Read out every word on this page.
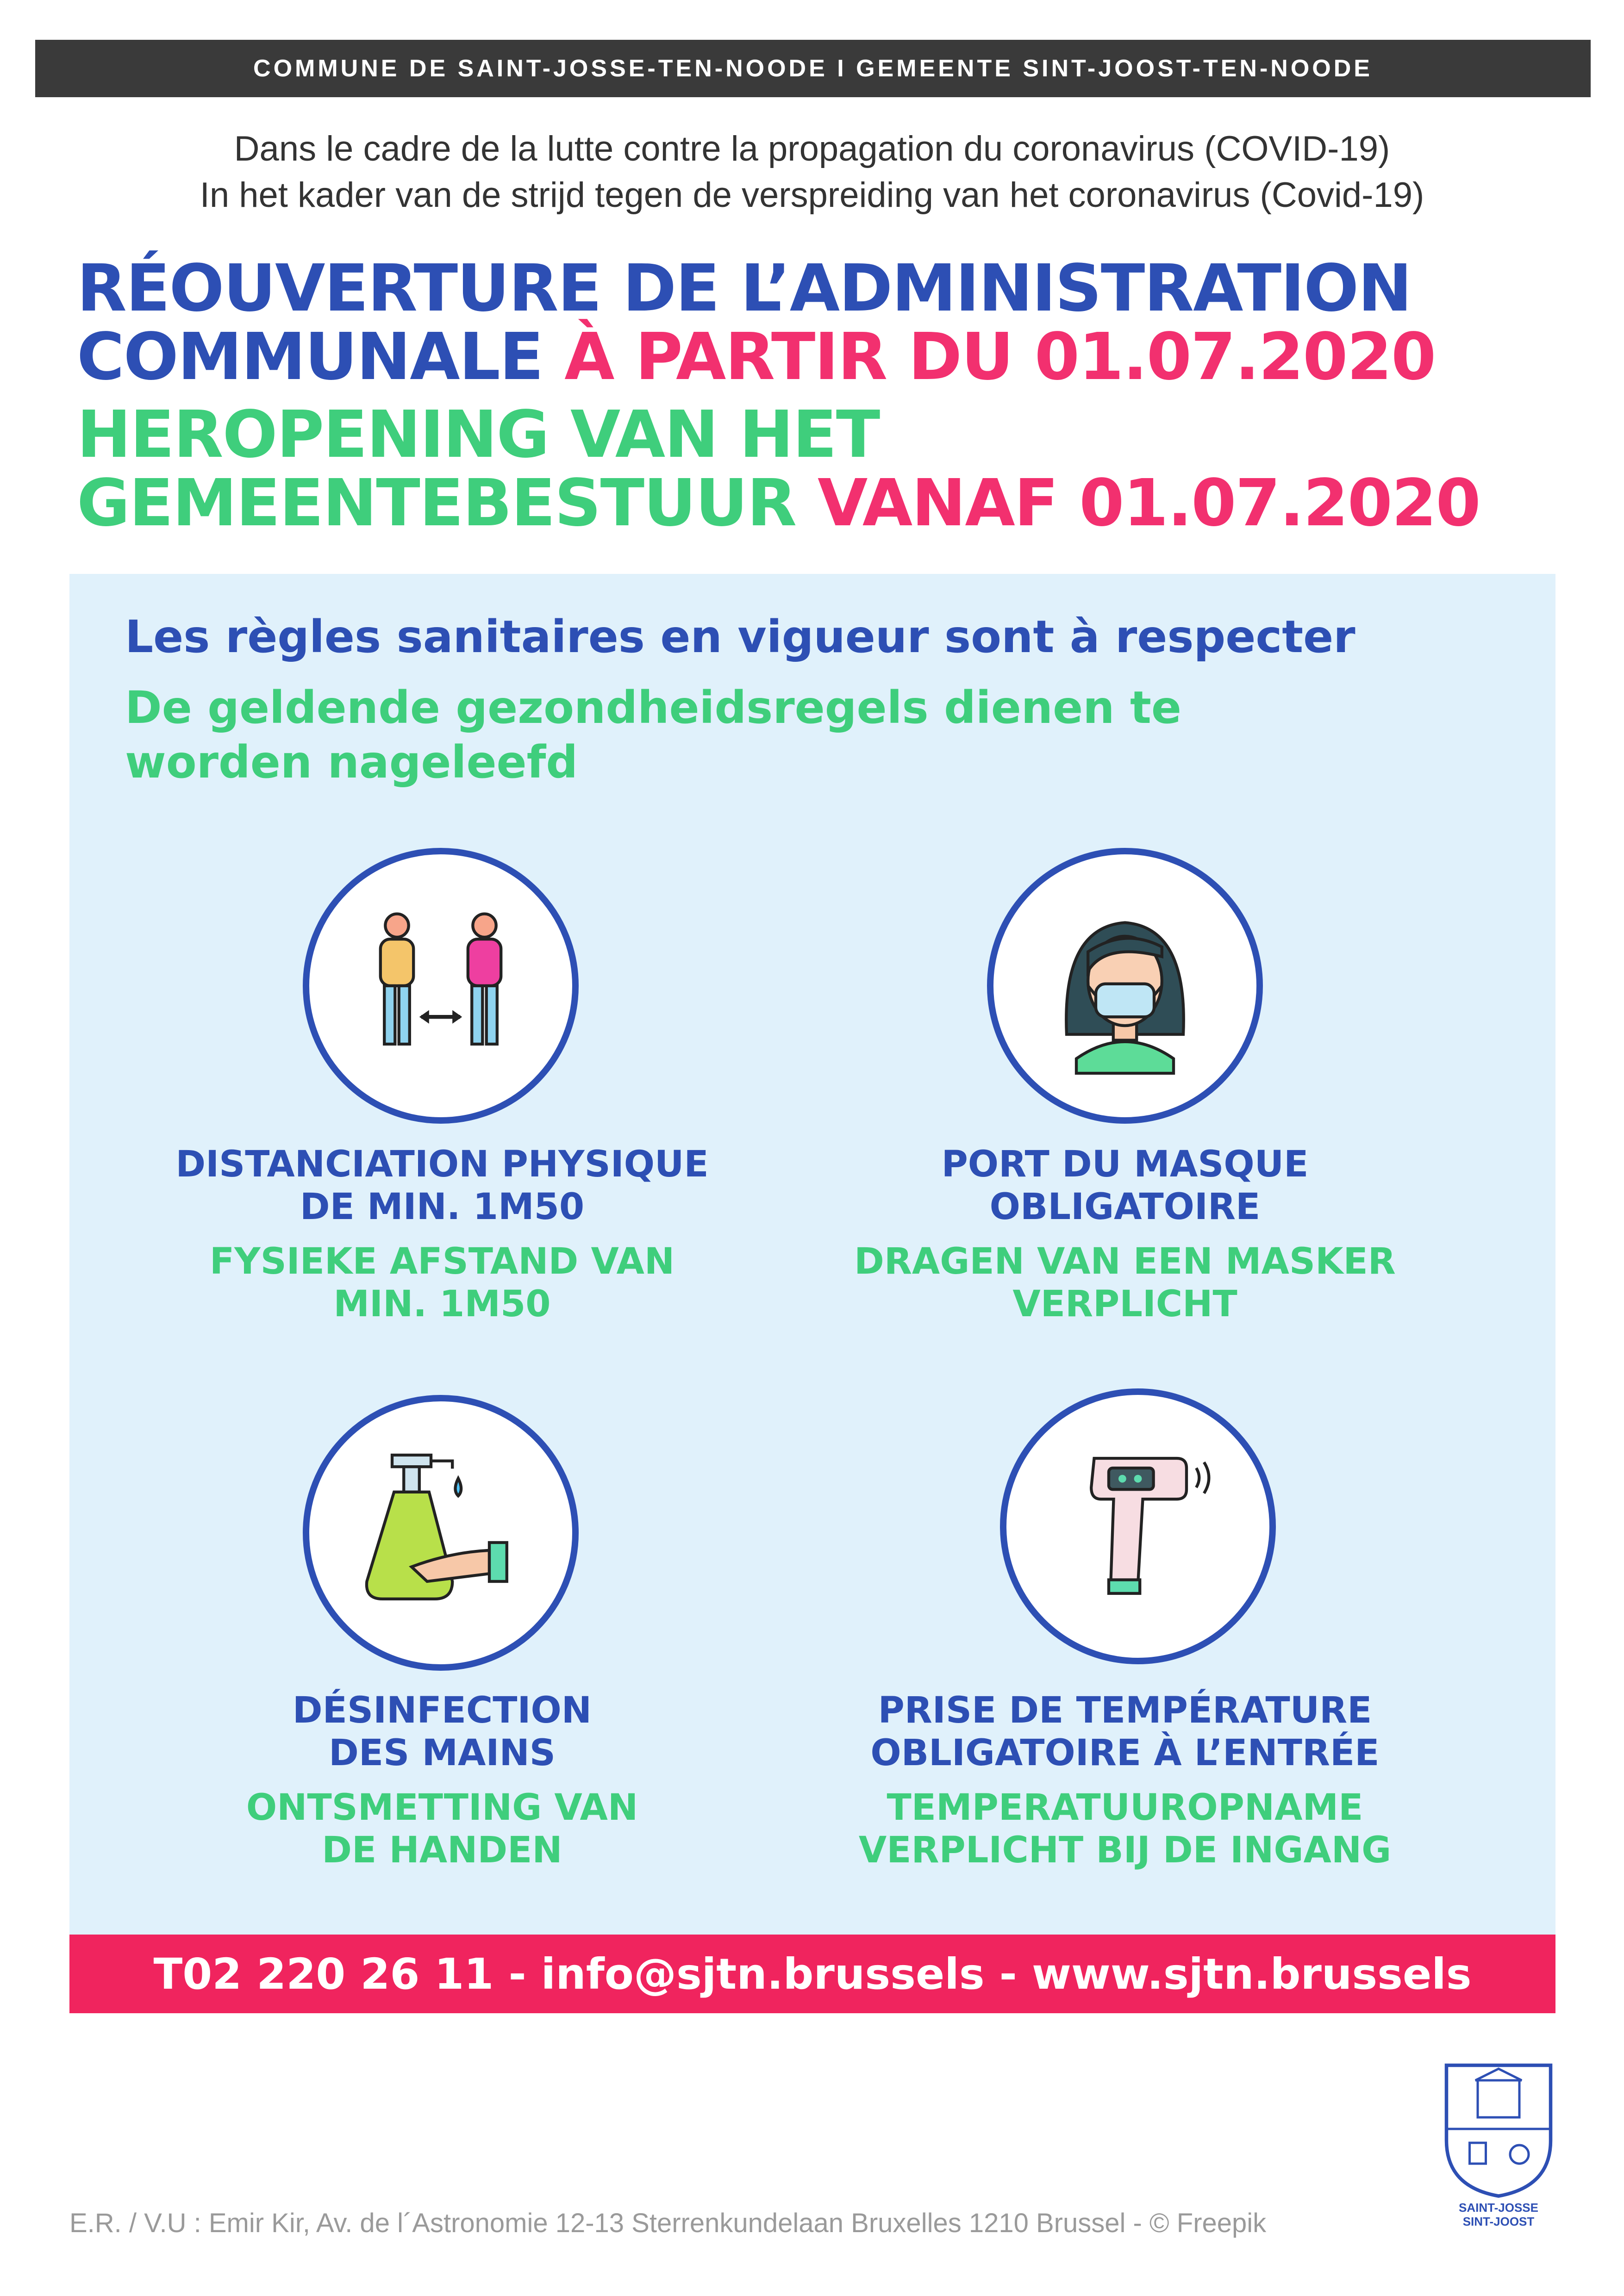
COMMUNE DE SAINT-JOSSE-TEN-NOODE I GEMEENTE SINT-JOOST-TEN-NOODE
Dans le cadre de la lutte contre la propagation du coronavirus (COVID-19)
In het kader van de strijd tegen de verspreiding van het coronavirus (Covid-19)
RÉOUVERTURE DE L’ADMINISTRATION
COMMUNALE À PARTIR DU 01.07.2020
HEROPENING VAN HET
GEMEENTEBESTUUR VANAF 01.07.2020
Les règles sanitaires en vigueur sont à respecter
De geldende gezondheidsregels dienen te worden nageleefd
DISTANCIATION PHYSIQUE
DE MIN. 1M50
FYSIEKE AFSTAND VAN
MIN. 1M50
PORT DU MASQUE
OBLIGATOIRE
DRAGEN VAN EEN MASKER
VERPLICHT
DÉSINFECTION
DES MAINS
ONTSMETTING VAN
DE HANDEN
PRISE DE TEMPÉRATURE
OBLIGATOIRE À L’ENTRÉE
TEMPERATUUROPNAME
VERPLICHT BIJ DE INGANG
T02 220 26 11 - info@sjtn.brussels - www.sjtn.brussels
E.R. / V.U : Emir Kir, Av. de l´Astronomie 12-13 Sterrenkundelaan Bruxelles 1210 Brussel - © Freepik
SAINT-JOSSE
SINT-JOOST
